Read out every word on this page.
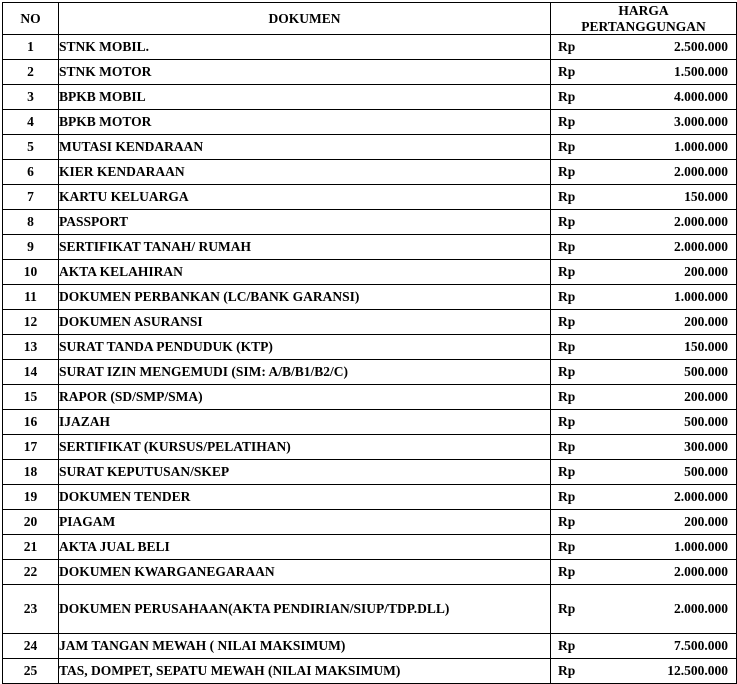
NO	DOKUMEN	HARGA
PERTANGGUNGAN

1	STNK MOBIL.	Rp 2.500.000

2	STNK MOTOR	Rp 1.500.000

3	BPKB MOBIL	Rp 4.000.000

4	BPKB MOTOR	Rp 3.000.000

5	MUTASI KENDARAAN	Rp 1.000.000

6	KIER KENDARAAN	Rp 2.000.000

7	KARTU KELUARGA	Rp 150.000

8	PASSPORT	Rp 2.000.000

9	SERTIFIKAT TANAH/ RUMAH	Rp 2.000.000

10	AKTA KELAHIRAN	Rp 200.000

11	DOKUMEN PERBANKAN (LC/BANK GARANSI)	Rp 1.000.000

12	DOKUMEN ASURANSI	Rp 200.000

13	SURAT TANDA PENDUDUK (KTP)	Rp 150.000

14	SURAT IZIN MENGEMUDI (SIM: A/B/B1/B2/C)	Rp 500.000

15	RAPOR (SD/SMP/SMA)	Rp 200.000

16	IJAZAH	Rp 500.000

17	SERTIFIKAT (KURSUS/PELATIHAN)	Rp 300.000

18	SURAT KEPUTUSAN/SKEP	Rp 500.000

19	DOKUMEN TENDER	Rp 2.000.000

20	PIAGAM	Rp 200.000

21	AKTA JUAL BELI	Rp 1.000.000

22	DOKUMEN KWARGANEGARAAN	Rp 2.000.000

23	DOKUMEN PERUSAHAAN(AKTA PENDIRIAN/SIUP/TDP.DLL)	Rp 2.000.000

24	JAM TANGAN MEWAH ( NILAI MAKSIMUM)	Rp 7.500.000

25	TAS, DOMPET, SEPATU MEWAH (NILAI MAKSIMUM)	Rp 12.500.000
